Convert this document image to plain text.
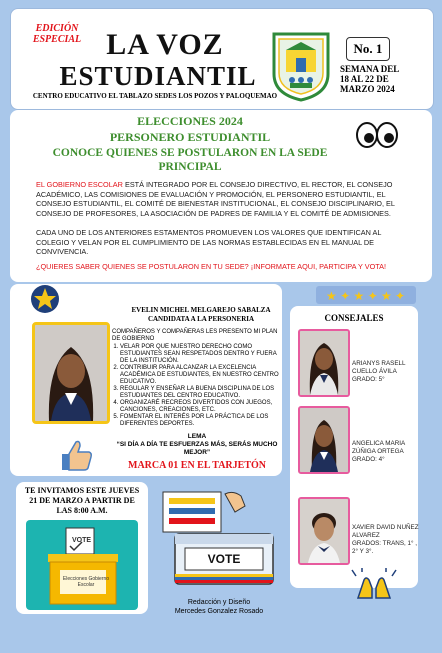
EDICIÓN ESPECIAL LA VOZ
ESTUDIANTIL
CENTRO EDUCATIVO EL TABLAZO SEDES LOS POZOS Y PALOQUEMAO
No. 1
SEMANA DEL
18 AL 22 DE
MARZO 2024
ELECCIONES 2024
PERSONERO ESTUDIANTIL
CONOCE QUIENES SE POSTULARON EN LA SEDE PRINCIPAL
EL GOBIERNO ESCOLAR ESTÁ INTEGRADO POR EL CONSEJO DIRECTIVO, EL RECTOR, EL CONSEJO ACADÉMICO, LAS COMISIONES DE EVALUACIÓN Y PROMOCIÓN, EL PERSONERO ESTUDIANTIL, EL CONSEJO ESTUDIANTIL, EL COMITÉ DE BIENESTAR INSTITUCIONAL, EL CONSEJO DISCIPLINARIO, EL CONSEJO DE PROFESORES, LA ASOCIACIÓN DE PADRES DE FAMILIA Y EL COMITÉ DE ADMISIONES.
CADA UNO DE LOS ANTERIORES ESTAMENTOS PROMUEVEN LOS VALORES QUE IDENTIFICAN AL COLEGIO Y VELAN POR EL CUMPLIMIENTO DE LAS NORMAS ESTABLECIDAS EN EL MANUAL DE CONVIVENCIA.
¿QUIERES SABER QUIENES SE POSTULARON EN TU SEDE? ¡INFORMATE AQUI, PARTICIPA Y VOTA!
EVELIN MICHEL MELGAREJO SABALZA
CANDIDATA A LA PERSONERIA
COMPAÑEROS Y COMPAÑERAS LES PRESENTO MI PLAN DE GOBIERNO
1. VELAR POR QUE NUESTRO DERECHO COMO ESTUDIANTES SEAN RESPETADOS DENTRO Y FUERA DE LA INSTITUCIÓN.
2. CONTRIBUIR PARA ALCANZAR LA EXCELENCIA ACADÉMICA DE ESTUDIANTES, EN NUESTRO CENTRO EDUCATIVO.
3. REGULAR Y ENSEÑAR LA BUENA DISCIPLINA DE LOS ESTUDIANTES DEL CENTRO EDUCATIVO.
4. ORGANIZARÉ RECREOS DIVERTIDOS CON JUEGOS, CANCIONES, CREACIONES, ETC.
5. FOMENTAR EL INTERÉS POR LA PRÁCTICA DE LOS DIFERENTES DEPORTES.
LEMA
“SI DÍA A DÍA TE ESFUERZAS MÁS, SERÁS MUCHO MEJOR”
MARCA 01 EN EL TARJETÓN
★ ✦ ★ ✦ ★ ✦
CONSEJALES
ARIANYS RASELL CUELLO ÁVILA
GRADO: 5°
ANGELICA MARIA ZÚÑIGA ORTEGA
GRADO: 4°
XAVIER DAVID NUÑEZ ALVAREZ
GRADOS: TRANS, 1° , 2° Y 3°.
TE INVITAMOS ESTE JUEVES 21 DE MARZO A PARTIR DE LAS 8:00 A.M.
VOTE
Elecciones Gobierno Escolar
VOTE
Redacción y Diseño
Mercedes Gonzalez Rosado
